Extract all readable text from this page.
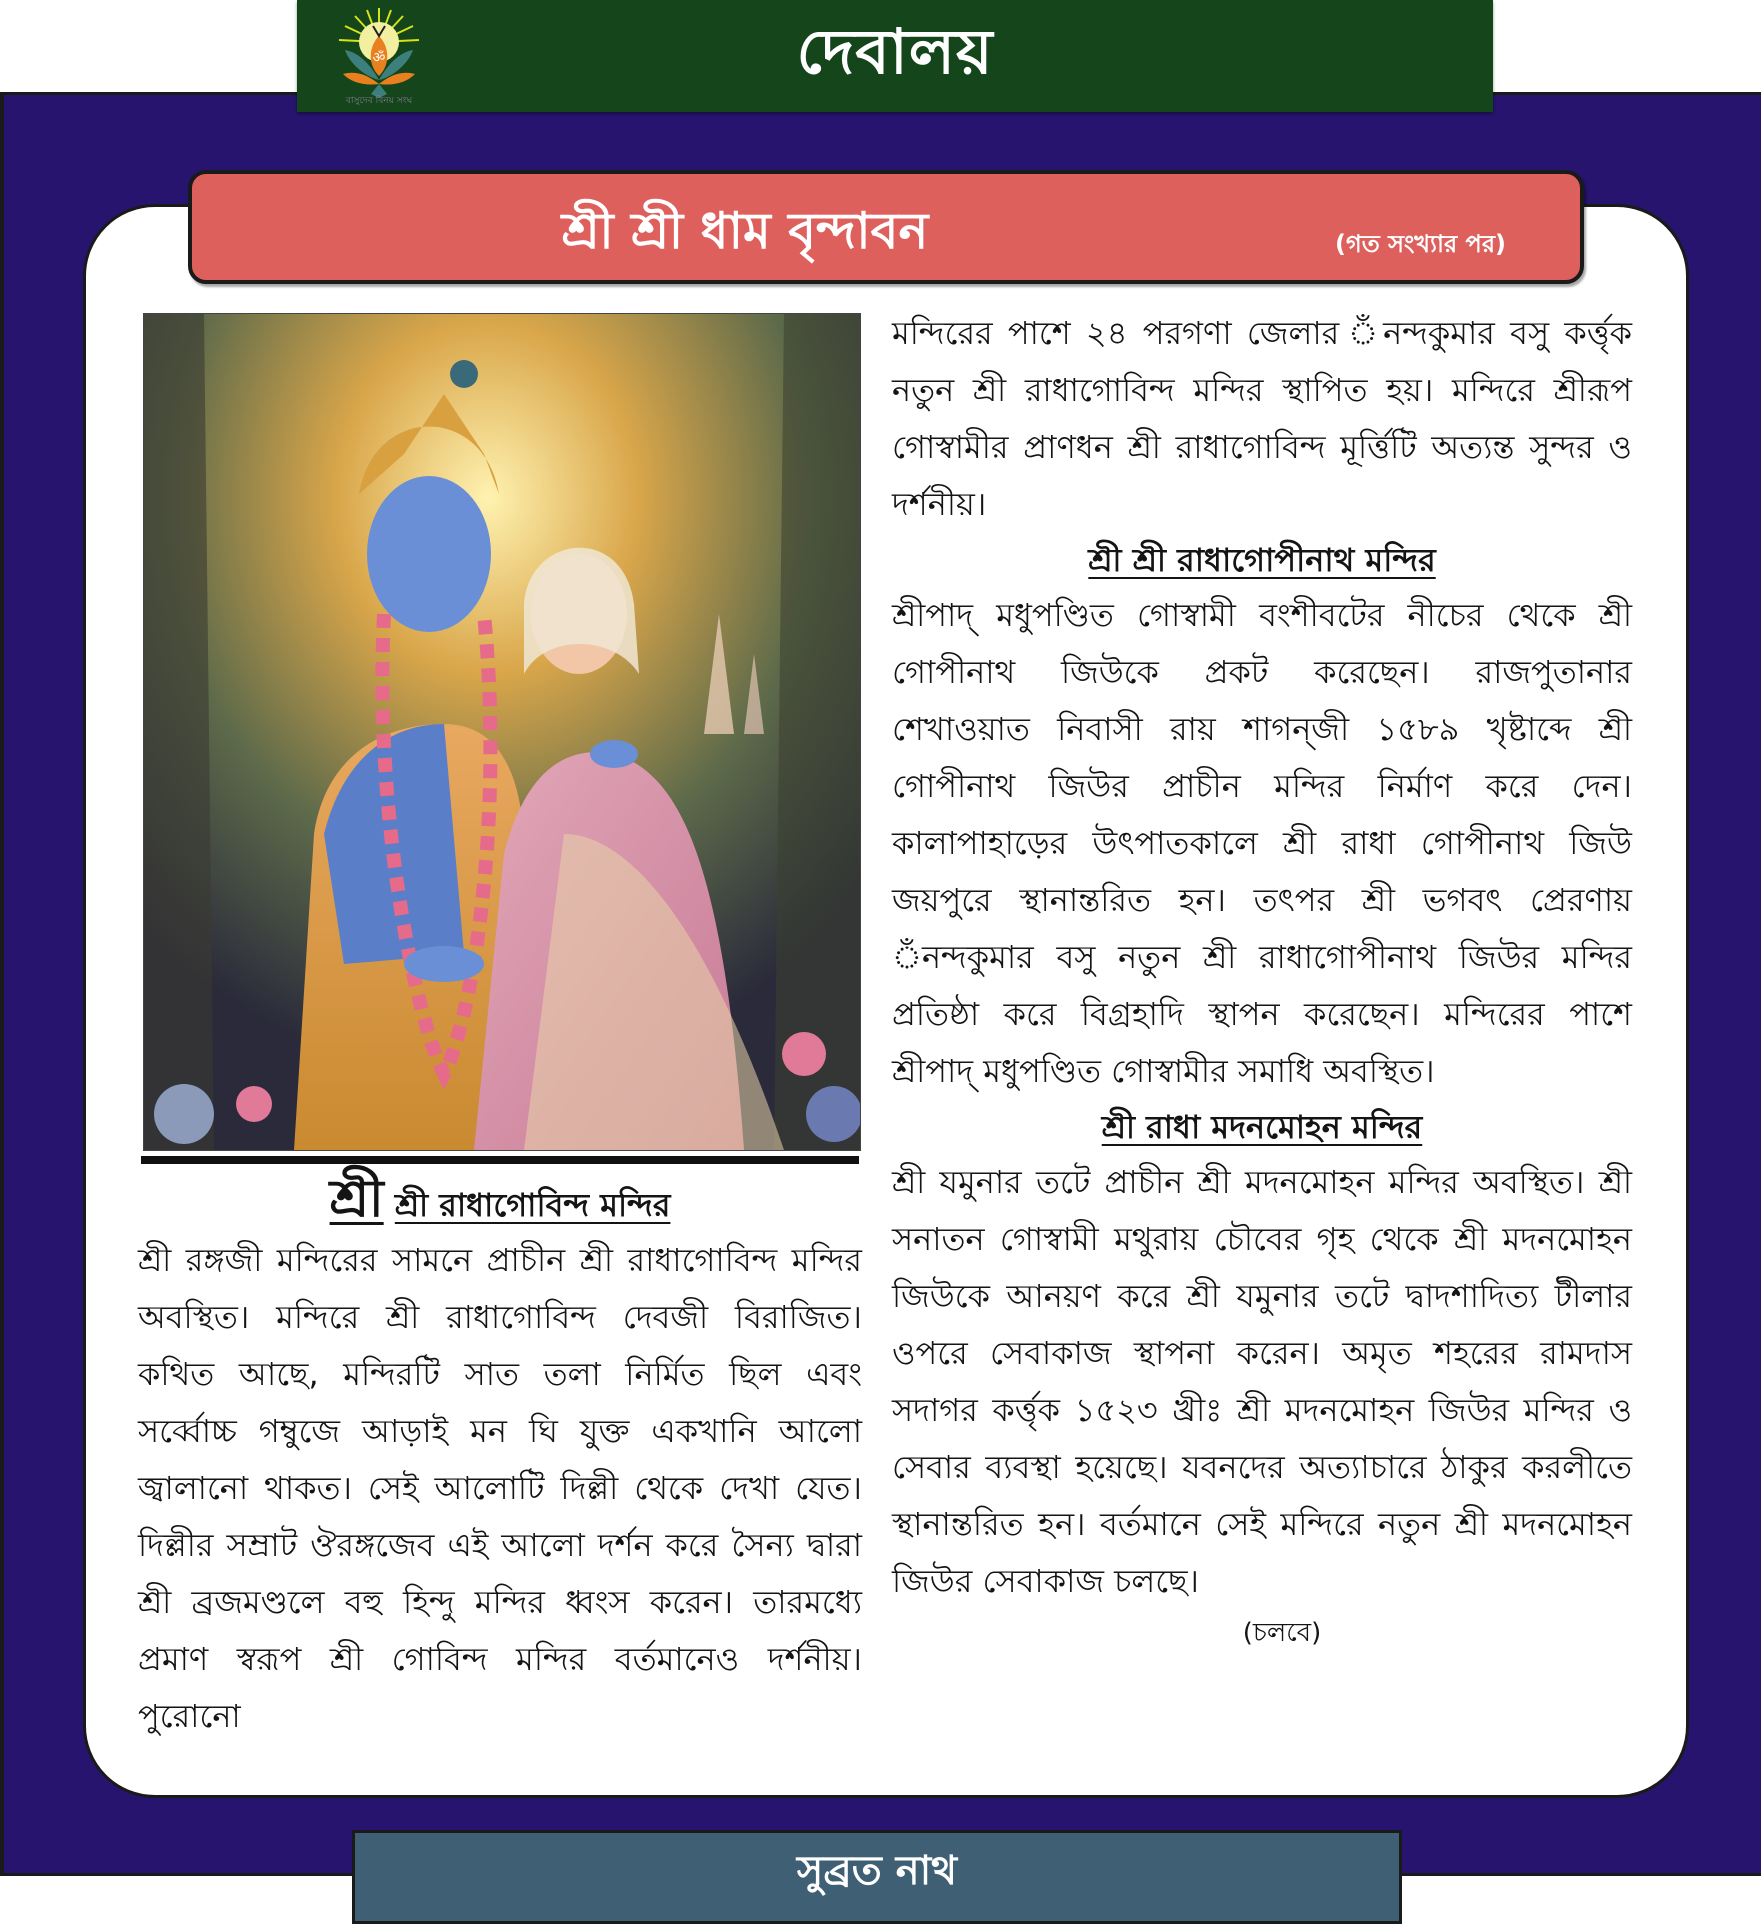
ॐ
বাসুদেব বিনয় সংঘ
দেবালয়
শ্রী শ্রী ধাম বৃন্দাবন	(গত সংখ্যার পর)
শ্রী শ্রী রাধাগোবিন্দ মন্দির

শ্রী রঙ্গজী মন্দিরের সামনে প্রাচীন শ্রী রাধাগোবিন্দ মন্দির অবস্থিত। মন্দিরে শ্রী রাধাগোবিন্দ দেবজী বিরাজিত। কথিত আছে, মন্দিরটি সাত তলা নির্মিত ছিল এবং সর্ব্বোচ্চ গম্বুজে আড়াই মন ঘি যুক্ত একখানি আলো জ্বালানো থাকত। সেই আলোটি দিল্লী থেকে দেখা যেত। দিল্লীর সম্রাট ঔরঙ্গজেব এই আলো দর্শন করে সৈন্য দ্বারা শ্রী ব্রজমণ্ডলে বহু হিন্দু মন্দির ধ্বংস করেন। তারমধ্যে প্রমাণ স্বরূপ শ্রী গোবিন্দ মন্দির বর্তমানেও দর্শনীয়। পুরোনো

মন্দিরের পাশে ২৪ পরগণা জেলার ঁনন্দকুমার বসু কর্ত্তৃক নতুন শ্রী রাধাগোবিন্দ মন্দির স্থাপিত হয়। মন্দিরে শ্রীরূপ গোস্বামীর প্রাণধন শ্রী রাধাগোবিন্দ মূর্ত্তিটি অত্যন্ত সুন্দর ও দর্শনীয়।

শ্রী শ্রী রাধাগোপীনাথ মন্দির

শ্রীপাদ্ মধুপণ্ডিত গোস্বামী বংশীবটের নীচের থেকে শ্রী গোপীনাথ জিউকে প্রকট করেছেন। রাজপুতানার শেখাওয়াত নিবাসী রায় শাগন্জী ১৫৮৯ খৃষ্টাব্দে শ্রী গোপীনাথ জিউর প্রাচীন মন্দির নির্মাণ করে দেন। কালাপাহাড়ের উৎপাতকালে শ্রী রাধা গোপীনাথ জিউ জয়পুরে স্থানান্তরিত হন। তৎপর শ্রী ভগবৎ প্রেরণায় ঁনন্দকুমার বসু নতুন শ্রী রাধাগোপীনাথ জিউর মন্দির প্রতিষ্ঠা করে বিগ্রহাদি স্থাপন করেছেন। মন্দিরের পাশে শ্রীপাদ্ মধুপণ্ডিত গোস্বামীর সমাধি অবস্থিত।

শ্রী রাধা মদনমোহন মন্দির

শ্রী যমুনার তটে প্রাচীন শ্রী মদনমোহন মন্দির অবস্থিত। শ্রী সনাতন গোস্বামী মথুরায় চৌবের গৃহ থেকে শ্রী মদনমোহন জিউকে আনয়ণ করে শ্রী যমুনার তটে দ্বাদশাদিত্য টীলার ওপরে সেবাকাজ স্থাপনা করেন। অমৃত শহরের রামদাস সদাগর কর্ত্তৃক ১৫২৩ খ্রীঃ শ্রী মদনমোহন জিউর মন্দির ও সেবার ব্যবস্থা হয়েছে। যবনদের অত্যাচারে ঠাকুর করলীতে স্থানান্তরিত হন। বর্তমানে সেই মন্দিরে নতুন শ্রী মদনমোহন জিউর সেবাকাজ চলছে।

(চলবে)

সুব্রত নাথ
